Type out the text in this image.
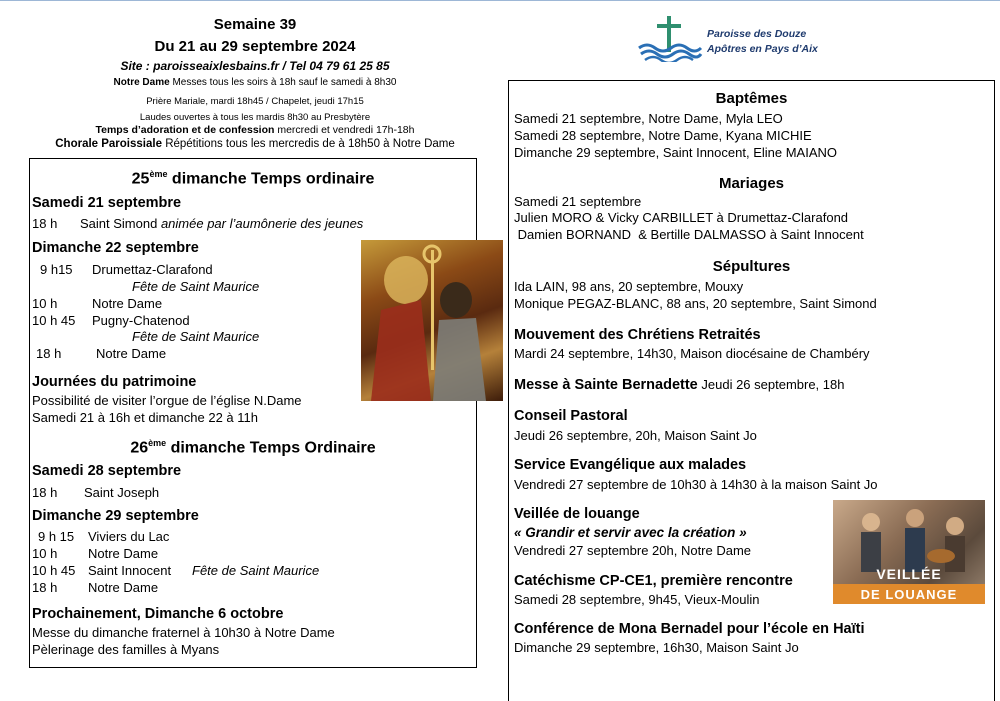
Semaine 39
Du 21 au 29 septembre 2024
Site : paroisseaixlesbains.fr / Tel 04 79 61 25 85
Notre Dame Messes tous les soirs à 18h sauf le samedi à 8h30
Prière Mariale, mardi 18h45 / Chapelet, jeudi 17h15
Laudes ouvertes à tous les mardis 8h30 au Presbytère
Temps d’adoration et de confession mercredi et vendredi 17h-18h
Chorale Paroissiale Répétitions tous les mercredis de à 18h50 à Notre Dame
Paroisse des Douze
Apôtres en Pays d’Aix
25ème dimanche Temps ordinaire
Samedi 21 septembre
18 h Saint Simond animée par l’aumônerie des jeunes
Dimanche 22 septembre
9 h15 Drumettaz-Clarafond
Fête de Saint Maurice
10 h	Notre Dame
10 h 45 Pugny-Chatenod
Fête de Saint Maurice
18 h	Notre Dame
Journées du patrimoine
Possibilité de visiter l’orgue de l’église N.Dame
Samedi 21 à 16h et dimanche 22 à 11h
26ème dimanche Temps Ordinaire
Samedi 28 septembre
18 h Saint Joseph
Dimanche 29 septembre
9 h 15 Viviers du Lac
10 h Notre Dame
10 h 45 Saint Innocent Fête de Saint Maurice
18 h Notre Dame
Prochainement, Dimanche 6 octobre
Messe du dimanche fraternel à 10h30 à Notre Dame
Pèlerinage des familles à Myans
Baptêmes
Samedi 21 septembre, Notre Dame, Myla LEO
Samedi 28 septembre, Notre Dame, Kyana MICHIE
Dimanche 29 septembre, Saint Innocent, Eline MAIANO
Mariages
Samedi 21 septembre
Julien MORO & Vicky CARBILLET à Drumettaz-Clarafond
Damien BORNAND  & Bertille DALMASSO à Saint Innocent
Sépultures
Ida LAIN, 98 ans, 20 septembre, Mouxy
Monique PEGAZ-BLANC, 88 ans, 20 septembre, Saint Simond
Mouvement des Chrétiens Retraités
Mardi 24 septembre, 14h30, Maison diocésaine de Chambéry
Messe à Sainte Bernadette Jeudi 26 septembre, 18h
Conseil Pastoral
Jeudi 26 septembre, 20h, Maison Saint Jo
Service Evangélique aux malades
Vendredi 27 septembre de 10h30 à 14h30 à la maison Saint Jo
Veillée de louange
« Grandir et servir avec la création »
Vendredi 27 septembre 20h, Notre Dame
VEILLÉE
DE LOUANGE
Catéchisme CP-CE1, première rencontre
Samedi 28 septembre, 9h45, Vieux-Moulin
Conférence de Mona Bernadel pour l’école en Haïti
Dimanche 29 septembre, 16h30, Maison Saint Jo
